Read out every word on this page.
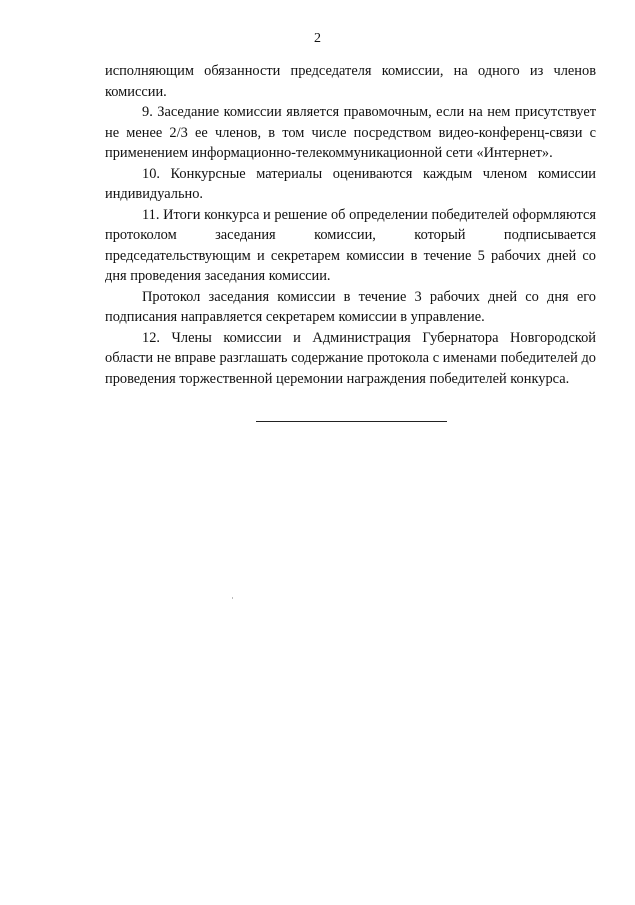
2

исполняющим обязанности председателя комиссии, на одного из членов комиссии.

9. Заседание комиссии является правомочным, если на нем присутствует не менее 2/3 ее членов, в том числе посредством видео-конференц-связи с применением информационно-телекоммуникационной сети «Интернет».

10. Конкурсные материалы оцениваются каждым членом комиссии индивидуально.

11. Итоги конкурса и решение об определении победителей оформляются протоколом заседания комиссии, который подписывается председательствующим и секретарем комиссии в течение 5 рабочих дней со дня проведения заседания комиссии.

Протокол заседания комиссии в течение 3 рабочих дней со дня его подписания направляется секретарем комиссии в управление.

12. Члены комиссии и Администрация Губернатора Новгородской области не вправе разглашать содержание протокола с именами победителей до проведения торжественной церемонии награждения победителей конкурса.
